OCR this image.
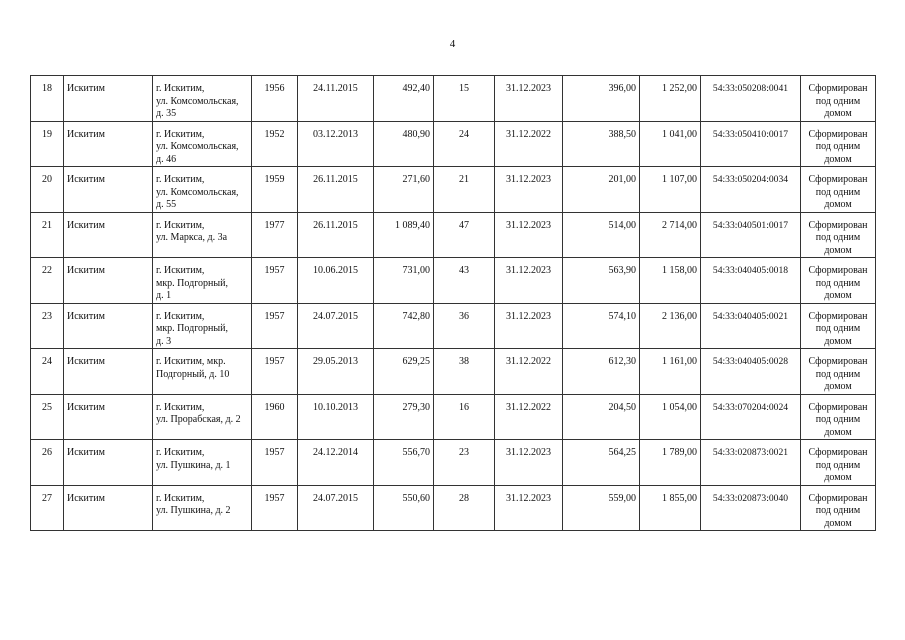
4
18	Искитим	г. Искитим,
ул. Комсомольская,
д. 35	1956	24.11.2015	492,40	15	31.12.2023	396,00	1 252,00	54:33:050208:0041	Сформирован
под одним
домом
19	Искитим	г. Искитим,
ул. Комсомольская,
д. 46	1952	03.12.2013	480,90	24	31.12.2022	388,50	1 041,00	54:33:050410:0017	Сформирован
под одним
домом
20	Искитим	г. Искитим,
ул. Комсомольская,
д. 55	1959	26.11.2015	271,60	21	31.12.2023	201,00	1 107,00	54:33:050204:0034	Сформирован
под одним
домом
21	Искитим	г. Искитим,
ул. Маркса, д. 3а	1977	26.11.2015	1 089,40	47	31.12.2023	514,00	2 714,00	54:33:040501:0017	Сформирован
под одним
домом
22	Искитим	г. Искитим,
мкр. Подгорный,
д. 1	1957	10.06.2015	731,00	43	31.12.2023	563,90	1 158,00	54:33:040405:0018	Сформирован
под одним
домом
23	Искитим	г. Искитим,
мкр. Подгорный,
д. 3	1957	24.07.2015	742,80	36	31.12.2023	574,10	2 136,00	54:33:040405:0021	Сформирован
под одним
домом
24	Искитим	г. Искитим, мкр.
Подгорный, д. 10	1957	29.05.2013	629,25	38	31.12.2022	612,30	1 161,00	54:33:040405:0028	Сформирован
под одним
домом
25	Искитим	г. Искитим,
ул. Прорабская, д. 2	1960	10.10.2013	279,30	16	31.12.2022	204,50	1 054,00	54:33:070204:0024	Сформирован
под одним
домом
26	Искитим	г. Искитим,
ул. Пушкина, д. 1	1957	24.12.2014	556,70	23	31.12.2023	564,25	1 789,00	54:33:020873:0021	Сформирован
под одним
домом
27	Искитим	г. Искитим,
ул. Пушкина, д. 2	1957	24.07.2015	550,60	28	31.12.2023	559,00	1 855,00	54:33:020873:0040	Сформирован
под одним
домом
